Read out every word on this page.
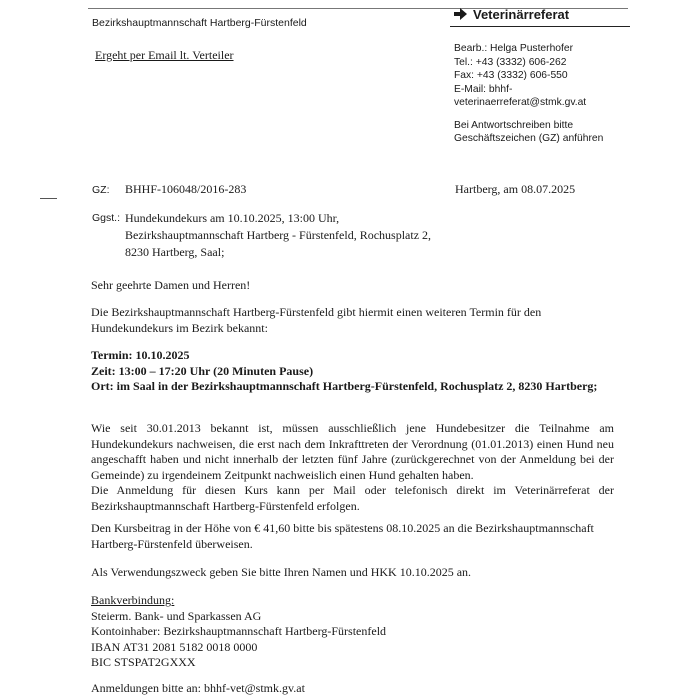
Bezirkshauptmannschaft Hartberg-Fürstenfeld
Veterinärreferat
Ergeht per Email lt. Verteiler	Bearb.: Helga Pusterhofer
Tel.: +43 (3332) 606-262
Fax: +43 (3332) 606-550
E-Mail: bhhf-
veterinaerreferat@stmk.gv.at
Bei Antwortschreiben bitte
Geschäftszeichen (GZ) anführen
GZ: BHHF-106048/2016-283	Hartberg, am 08.07.2025
Ggst.: Hundekundekurs am 10.10.2025, 13:00 Uhr,
Bezirkshauptmannschaft Hartberg - Fürstenfeld, Rochusplatz 2,
8230 Hartberg, Saal;
Sehr geehrte Damen und Herren!
Die Bezirkshauptmannschaft Hartberg-Fürstenfeld gibt hiermit einen weiteren Termin für den Hundekundekurs im Bezirk bekannt:
Termin: 10.10.2025
Zeit: 13:00 – 17:20 Uhr (20 Minuten Pause)
Ort: im Saal in der Bezirkshauptmannschaft Hartberg-Fürstenfeld, Rochusplatz 2, 8230 Hartberg;
Wie seit 30.01.2013 bekannt ist, müssen ausschließlich jene Hundebesitzer die Teilnahme am Hundekundekurs nachweisen, die erst nach dem Inkrafttreten der Verordnung (01.01.2013) einen Hund neu angeschafft haben und nicht innerhalb der letzten fünf Jahre (zurückgerechnet von der Anmeldung bei der Gemeinde) zu irgendeinem Zeitpunkt nachweislich einen Hund gehalten haben.
Die Anmeldung für diesen Kurs kann per Mail oder telefonisch direkt im Veterinärreferat der Bezirkshauptmannschaft Hartberg-Fürstenfeld erfolgen.
Den Kursbeitrag in der Höhe von € 41,60 bitte bis spätestens 08.10.2025 an die Bezirkshauptmannschaft Hartberg-Fürstenfeld überweisen.
Als Verwendungszweck geben Sie bitte Ihren Namen und HKK 10.10.2025 an.
Bankverbindung:
Steierm. Bank- und Sparkassen AG
Kontoinhaber: Bezirkshauptmannschaft Hartberg-Fürstenfeld
IBAN AT31 2081 5182 0018 0000
BIC STSPAT2GXXX
Anmeldungen bitte an: bhhf-vet@stmk.gv.at
